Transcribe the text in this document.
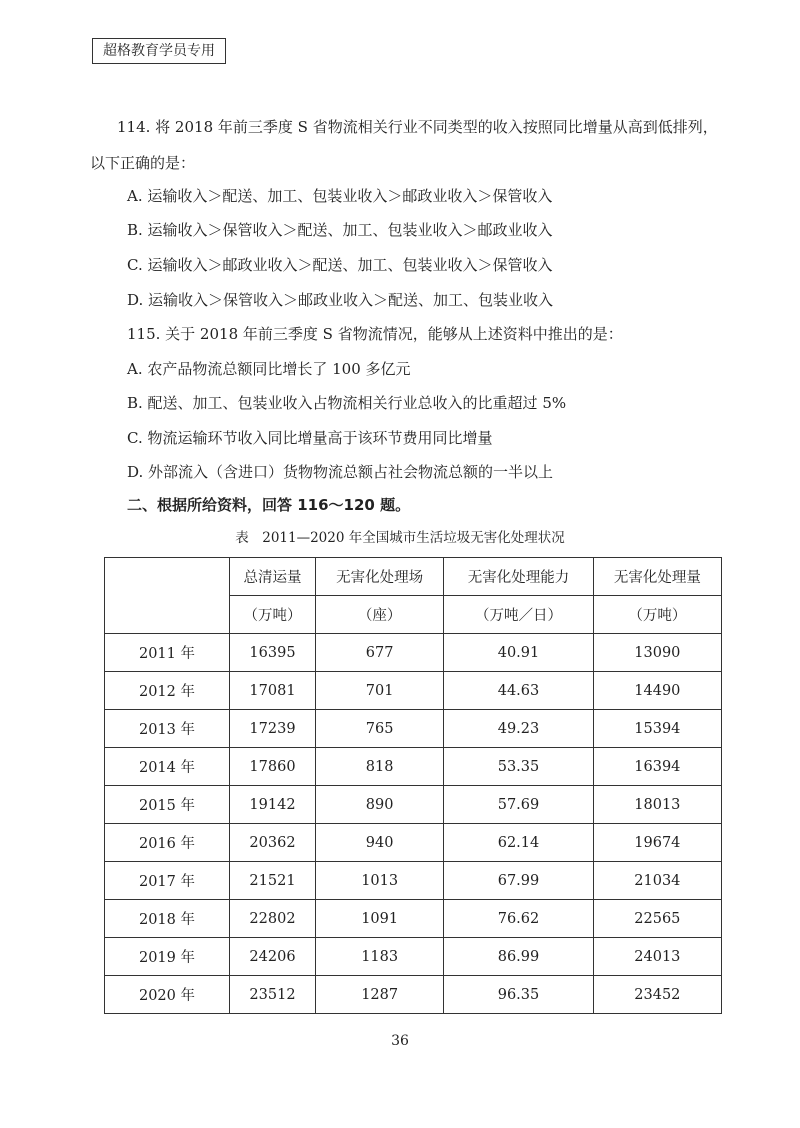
超格教育学员专用
114. 将 2018 年前三季度 S 省物流相关行业不同类型的收入按照同比增量从高到低排列，
以下正确的是：
A. 运输收入＞配送、加工、包装业收入＞邮政业收入＞保管收入
B. 运输收入＞保管收入＞配送、加工、包装业收入＞邮政业收入
C. 运输收入＞邮政业收入＞配送、加工、包装业收入＞保管收入
D. 运输收入＞保管收入＞邮政业收入＞配送、加工、包装业收入
115. 关于 2018 年前三季度 S 省物流情况，能够从上述资料中推出的是：
A. 农产品物流总额同比增长了 100 多亿元
B. 配送、加工、包装业收入占物流相关行业总收入的比重超过 5%
C. 物流运输环节收入同比增量高于该环节费用同比增量
D. 外部流入（含进口）货物物流总额占社会物流总额的一半以上
二、根据所给资料，回答 116～120 题。
表　2011—2020 年全国城市生活垃圾无害化处理状况
	总清运量	无害化处理场	无害化处理能力	无害化处理量
	（万吨）	（座）	（万吨／日）	（万吨）
2011 年	16395	677	40.91	13090
2012 年	17081	701	44.63	14490
2013 年	17239	765	49.23	15394
2014 年	17860	818	53.35	16394
2015 年	19142	890	57.69	18013
2016 年	20362	940	62.14	19674
2017 年	21521	1013	67.99	21034
2018 年	22802	1091	76.62	22565
2019 年	24206	1183	86.99	24013
2020 年	23512	1287	96.35	23452
36
